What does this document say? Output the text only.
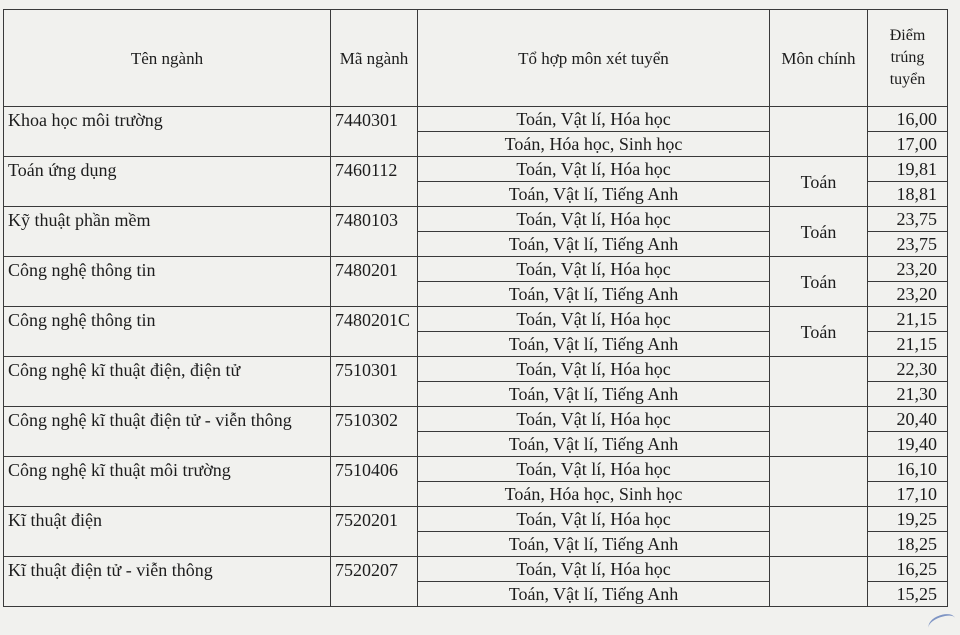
Tên ngành	Mã ngành	Tổ hợp môn xét tuyển	Môn chính	Điểm
trúng
tuyển

Khoa học môi trường	7440301	Toán, Vật lí, Hóa học		16,00
		Toán, Hóa học, Sinh học		17,00
Toán ứng dụng	7460112	Toán, Vật lí, Hóa học	Toán	19,81
		Toán, Vật lí, Tiếng Anh		18,81
Kỹ thuật phần mềm	7480103	Toán, Vật lí, Hóa học	Toán	23,75
		Toán, Vật lí, Tiếng Anh		23,75
Công nghệ thông tin	7480201	Toán, Vật lí, Hóa học	Toán	23,20
		Toán, Vật lí, Tiếng Anh		23,20
Công nghệ thông tin	7480201C	Toán, Vật lí, Hóa học	Toán	21,15
		Toán, Vật lí, Tiếng Anh		21,15
Công nghệ kĩ thuật điện, điện tử	7510301	Toán, Vật lí, Hóa học		22,30
		Toán, Vật lí, Tiếng Anh		21,30
Công nghệ kĩ thuật điện tử - viễn thông	7510302	Toán, Vật lí, Hóa học		20,40
		Toán, Vật lí, Tiếng Anh		19,40
Công nghệ kĩ thuật môi trường	7510406	Toán, Vật lí, Hóa học		16,10
		Toán, Hóa học, Sinh học		17,10
Kĩ thuật điện	7520201	Toán, Vật lí, Hóa học		19,25
		Toán, Vật lí, Tiếng Anh		18,25
Kĩ thuật điện tử - viễn thông	7520207	Toán, Vật lí, Hóa học		16,25
		Toán, Vật lí, Tiếng Anh		15,25
